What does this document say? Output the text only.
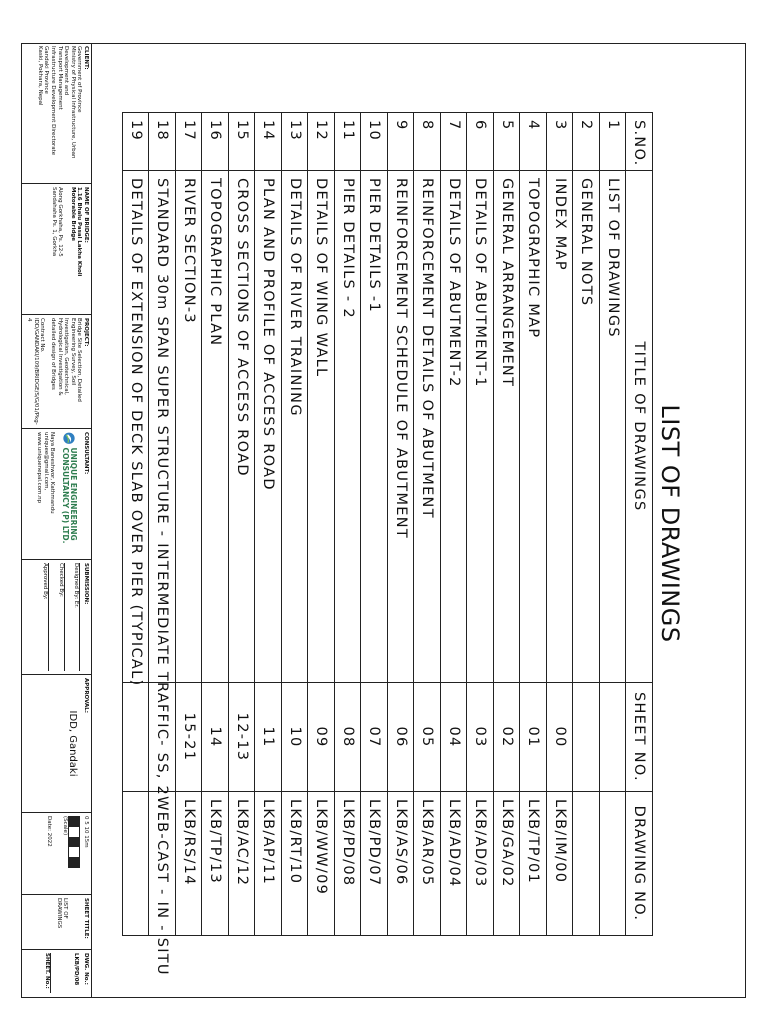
LIST OF DRAWINGS
S.NO.	TITLE OF DRAWINGS	SHEET NO.	DRAWING NO.
1	LIST OF DRAWINGS		
2	GENERAL NOTS		
3	INDEX MAP	00	LKB/IM/00
4	TOPOGRAPHIC MAP	01	LKB/TP/01
5	GENERAL ARRANGEMENT	02	LKB/GA/02
6	DETAILS OF ABUTMENT-1	03	LKB/AD/03
7	DETAILS OF ABUTMENT-2	04	LKB/AD/04
8	REINFORCEMENT DETAILS OF ABUTMENT	05	LKB/AR/05
9	REINFORCEMENT SCHEDULE OF ABUTMENT	06	LKB/AS/06
10	PIER DETAILS -1	07	LKB/PD/07
11	PIER DETAILS - 2	08	LKB/PD/08
12	DETAILS OF WING WALL	09	LKB/WW/09
13	DETAILS OF RIVER TRAINING	10	LKB/RT/10
14	PLAN AND PROFILE OF ACCESS ROAD	11	LKB/AP/11
15	CROSS SECTIONS OF ACCESS ROAD	12-13	LKB/AC/12
16	TOPOGRAPHIC PLAN	14	LKB/TP/13
17	RIVER SECTION-3	15-21	LKB/RS/14
18	STANDARD 30m SPAN SUPER STRUCTURE - INTERMEDIATE TRAFFIC- SS, 2WEB-CAST - IN - SITU		
19	DETAILS OF EXTENSION OF DECK SLAB OVER PIER (TYPICAL)		
CLIENT:
Government of Province
Ministry of Physical Infrastructure, Urban Development and
Transport Management
Infrastructure Development Directorate
Gandaki Province
Kaski, Pokhara, Nepal
NAME OF BRIDGE:
1.16 Bhalu Pasal Lakha Kholi
Motorable Bridge
Along Gorkhaha, Ps. 12-5
Sandahaha Ps. 1, Gorkha
PROJECT:
Bridge Site Selection, Detailed Engineering Survey, Soil
Investigation, Geotechnical, Hydrological Investigation &
detailed design of Bridges
Contract No.
IDD/GANDAKI/109/BRIDGE/S/G/01/Pkg-4
CONSULTANT:
UNIQUE ENGINEERING CONSULTANCY (P) LTD.
Naya Baneshwor, Kathmandu
uniquee@gmail.com, www.uniquenepal.com.np
SUBMISSION:
Designed By: Er.
Checked By:
Approved By:
APPROVAL:
IDD, Gandaki
0 5 10 15m
(Scale)
Date: 2022
SHEET TITLE:
LIST OF DRAWINGS
DWG. No.:
LKB/PD/08
SHEET. No.:
